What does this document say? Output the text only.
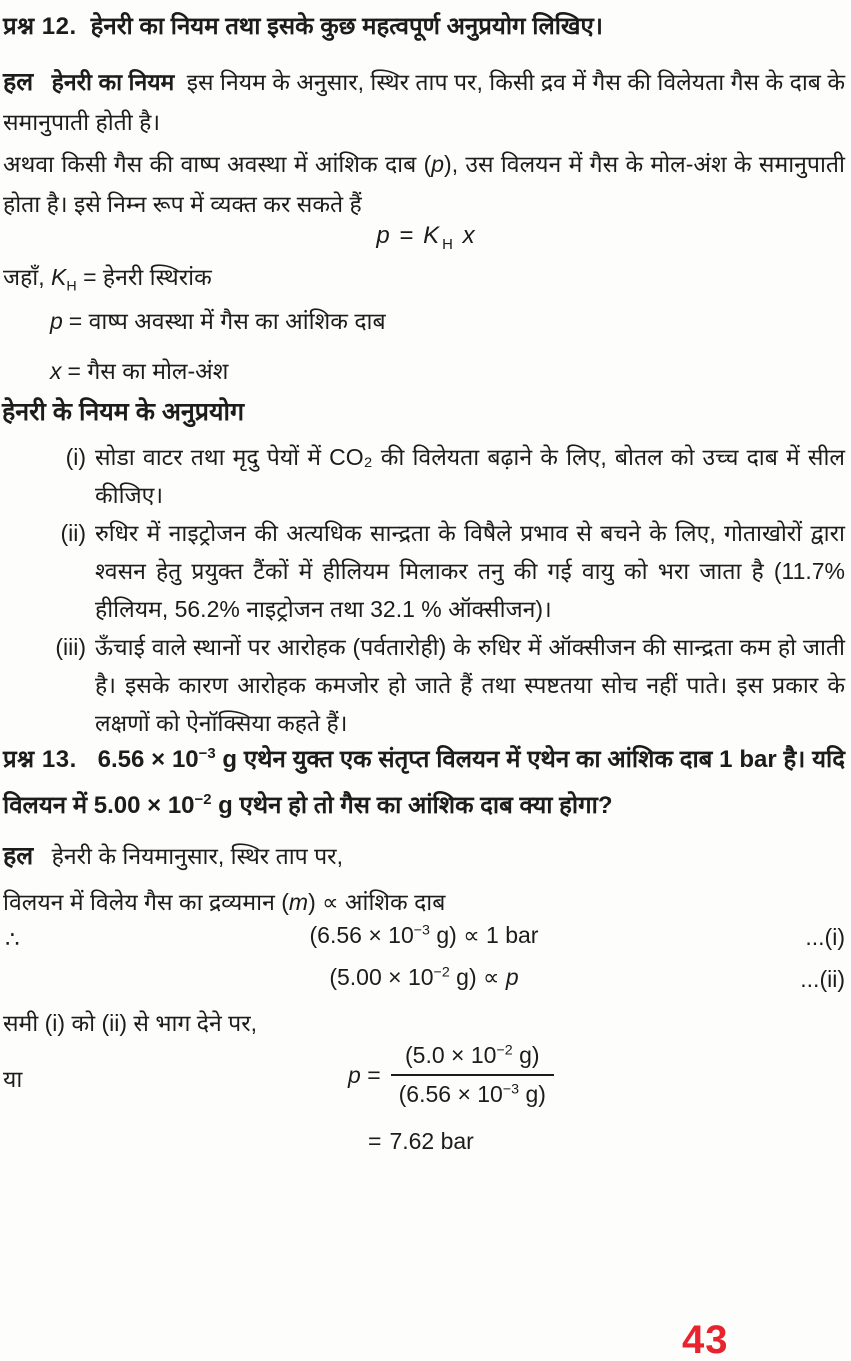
प्रश्न 12. हेनरी का नियम तथा इसके कुछ महत्वपूर्ण अनुप्रयोग लिखिए।
हल हेनरी का नियम इस नियम के अनुसार, स्थिर ताप पर, किसी द्रव में गैस की विलेयता गैस के दाब के समानुपाती होती है।
अथवा किसी गैस की वाष्प अवस्था में आंशिक दाब (p), उस विलयन में गैस के मोल-अंश के समानुपाती होता है। इसे निम्न रूप में व्यक्त कर सकते हैं
p = K $_H$ x
जहाँ, $K_H$ = हेनरी स्थिरांक
p = वाष्प अवस्था में गैस का आंशिक दाब
x = गैस का मोल-अंश
हेनरी के नियम के अनुप्रयोग
(i) सोडा वाटर तथा मृदु पेयों में CO₂ की विलेयता बढ़ाने के लिए, बोतल को उच्च दाब में सील कीजिए।
(ii) रुधिर में नाइट्रोजन की अत्यधिक सान्द्रता के विषैले प्रभाव से बचने के लिए, गोताखोरों द्वारा श्वसन हेतु प्रयुक्त टैंकों में हीलियम मिलाकर तनु की गई वायु को भरा जाता है (11.7% हीलियम, 56.2% नाइट्रोजन तथा 32.1 % ऑक्सीजन)।
(iii) ऊँचाई वाले स्थानों पर आरोहक (पर्वतारोही) के रुधिर में ऑक्सीजन की सान्द्रता कम हो जाती है। इसके कारण आरोहक कमजोर हो जाते हैं तथा स्पष्टतया सोच नहीं पाते। इस प्रकार के लक्षणों को ऐनॉक्सिया कहते हैं।
प्रश्न 13. $6.56 \times 10^{-3}$ g एथेन युक्त एक संतृप्त विलयन में एथेन का आंशिक दाब 1 bar है। यदि विलयन में $5.00 \times 10^{-2}$ g एथेन हो तो गैस का आंशिक दाब क्या होगा?
हल हेनरी के नियमानुसार, स्थिर ताप पर,
विलयन में विलेय गैस का द्रव्यमान (m) ∝ आंशिक दाब
∴	($6.56 \times 10^{-3}$ g) ∝ 1 bar	...(i)
($5.00 \times 10^{-2}$ g) ∝ p	...(ii)
समी (i) को (ii) से भाग देने पर,
या	$p = \frac{(5.0 \times 10^{-2} g)}{(6.56 \times 10^{-3} g)}$
= 7.62 bar
43
